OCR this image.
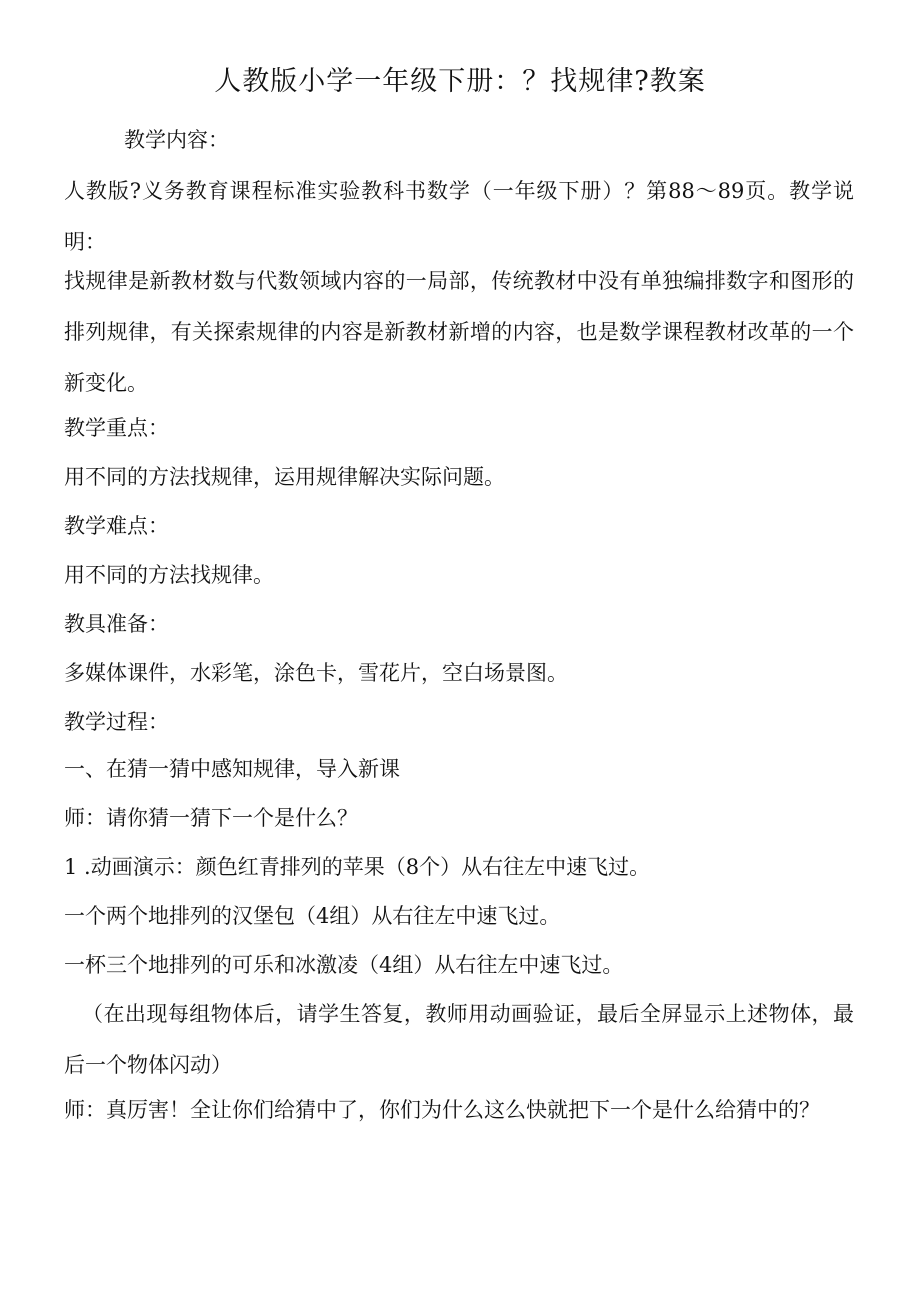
人教版小学一年级下册：？找规律?教案

教学内容：

人教版?义务教育课程标准实验教科书数学（一年级下册）？第88～89页。教学说明：

找规律是新教材数与代数领域内容的一局部，传统教材中没有单独编排数字和图形的排列规律，有关探索规律的内容是新教材新增的内容，也是数学课程教材改革的一个新变化。

教学重点：

用不同的方法找规律，运用规律解决实际问题。

教学难点：

用不同的方法找规律。

教具准备：

多媒体课件，水彩笔，涂色卡，雪花片，空白场景图。

教学过程：

一、在猜一猜中感知规律，导入新课

师：请你猜一猜下一个是什么？

1 .动画演示：颜色红青排列的苹果（8个）从右往左中速飞过。

一个两个地排列的汉堡包（4组）从右往左中速飞过。

一杯三个地排列的可乐和冰激凌（4组）从右往左中速飞过。

（在出现每组物体后，请学生答复，教师用动画验证，最后全屏显示上述物体，最后一个物体闪动）

师：真厉害！全让你们给猜中了，你们为什么这么快就把下一个是什么给猜中的？
